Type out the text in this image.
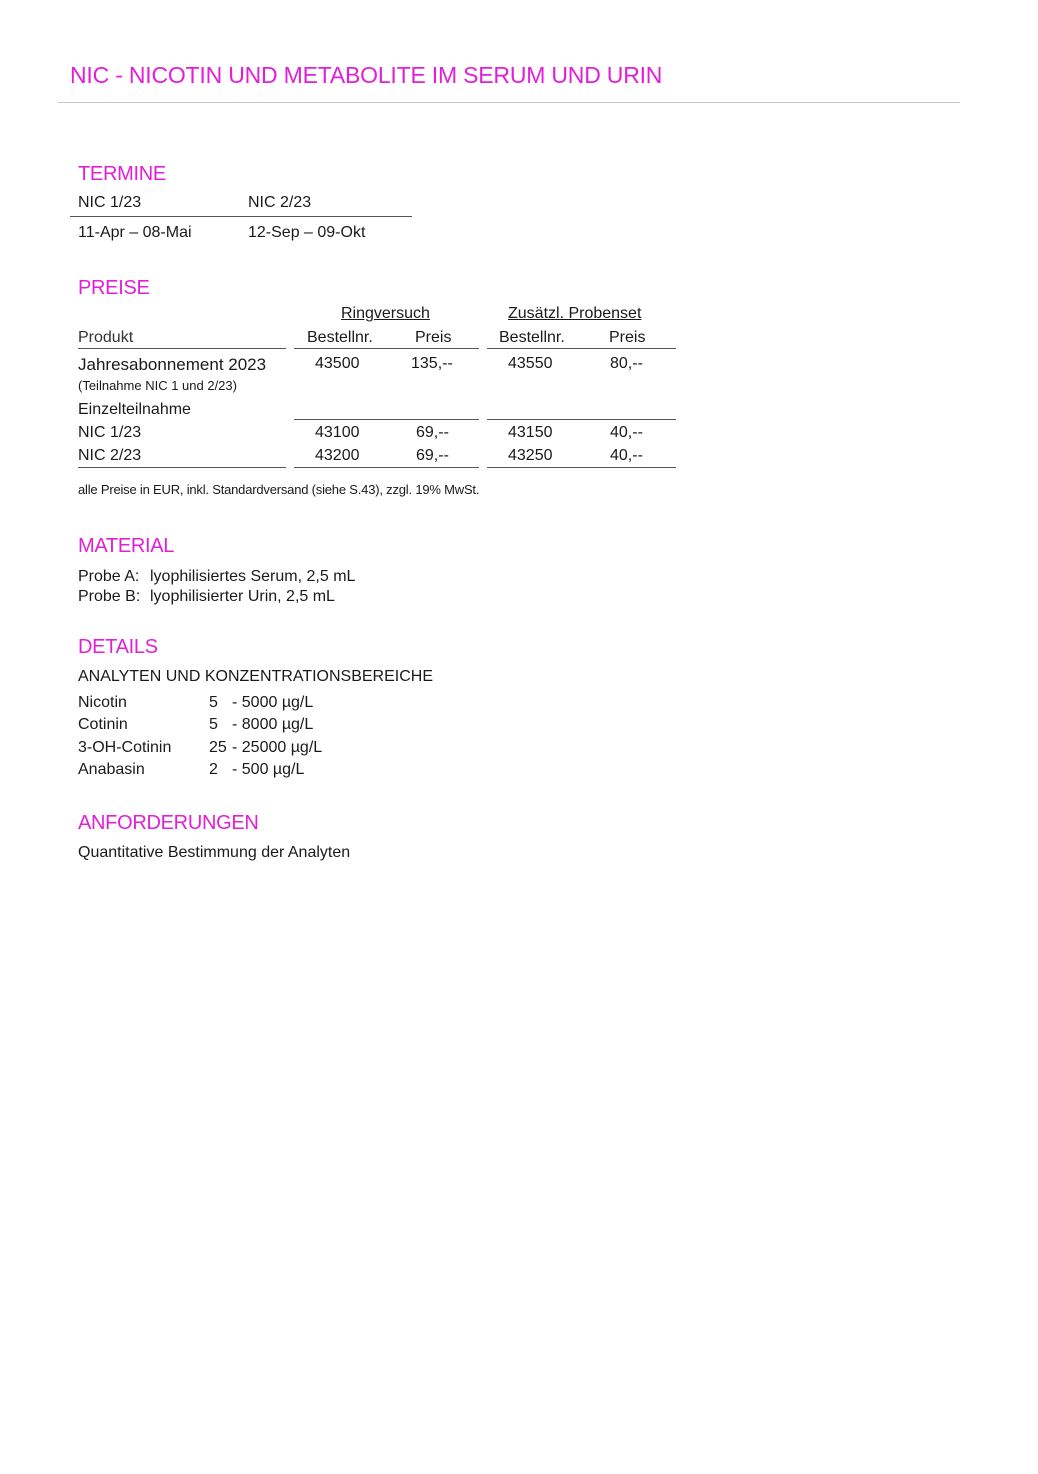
NIC - NICOTIN UND METABOLITE IM SERUM UND URIN
TERMINE
NIC 1/23	NIC 2/23
11-Apr – 08-Mai	12-Sep – 09-Okt
PREISE
Ringversuch	Zusätzl. Probenset
Produkt	Bestellnr.	Preis	Bestellnr.	Preis
Jahresabonnement 2023
(Teilnahme NIC 1 und 2/23)
43500	135,--	43550	80,--
Einzelteilnahme
NIC 1/23	43100	69,--	43150	40,--
NIC 2/23	43200	69,--	43250	40,--
alle Preise in EUR, inkl. Standardversand (siehe S.43), zzgl. 19% MwSt.
MATERIAL
Probe A: lyophilisiertes Serum, 2,5 mL
Probe B: lyophilisierter Urin, 2,5 mL
DETAILS
ANALYTEN UND KONZENTRATIONSBEREICHE
Nicotin	5 - 5000 µg/L
Cotinin	5 - 8000 µg/L
3-OH-Cotinin 25 - 25000 µg/L
Anabasin	2 - 500 µg/L
ANFORDERUNGEN
Quantitative Bestimmung der Analyten
